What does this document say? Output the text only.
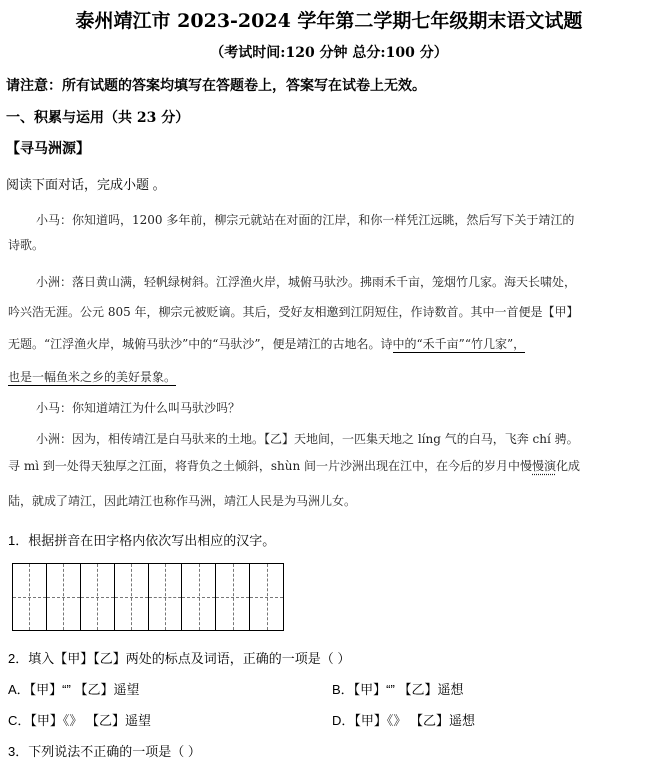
泰州靖江市 2023-2024 学年第二学期七年级期末语文试题
（考试时间:120 分钟 总分:100 分）
请注意：所有试题的答案均填写在答题卷上，答案写在试卷上无效。
一、积累与运用（共 23 分）
【寻马洲源】
阅读下面对话，完成小题 。
小马：你知道吗，1200 多年前，柳宗元就站在对面的江岸，和你一样凭江远眺，然后写下关于靖江的
诗歌。
小洲：落日黄山满，轻帆绿树斜。江浮渔火岸，城俯马驮沙。拂雨禾千亩，笼烟竹几家。海天长啸处，
吟兴浩无涯。公元 805 年，柳宗元被贬谪。其后，受好友相邀到江阴短住，作诗数首。其中一首便是【甲】
无题。“江浮渔火岸，城俯马驮沙”中的“马驮沙”，便是靖江的古地名。诗中的“禾千亩”“竹几家”，
也是一幅鱼米之乡的美好景象。
小马：你知道靖江为什么叫马驮沙吗？
小洲：因为，相传靖江是白马驮来的土地。【乙】天地间，一匹集天地之 líng 气的白马，飞奔 chí 骋。
寻 mì 到一处得天独厚之江面，将背负之土倾斜，shùn 间一片沙洲出现在江中，在今后的岁月中慢慢演化成
陆，就成了靖江，因此靖江也称作马洲，靖江人民是为马洲儿女。
1．根据拼音在田字格内依次写出相应的汉字。
2．填入【甲】【乙】两处的标点及词语，正确的一项是（ ）
A．【甲】“” 【乙】遥望	B．【甲】“” 【乙】遥想
C．【甲】《》 【乙】遥望	D．【甲】《》 【乙】遥想
3．下列说法不正确的一项是（ ）
